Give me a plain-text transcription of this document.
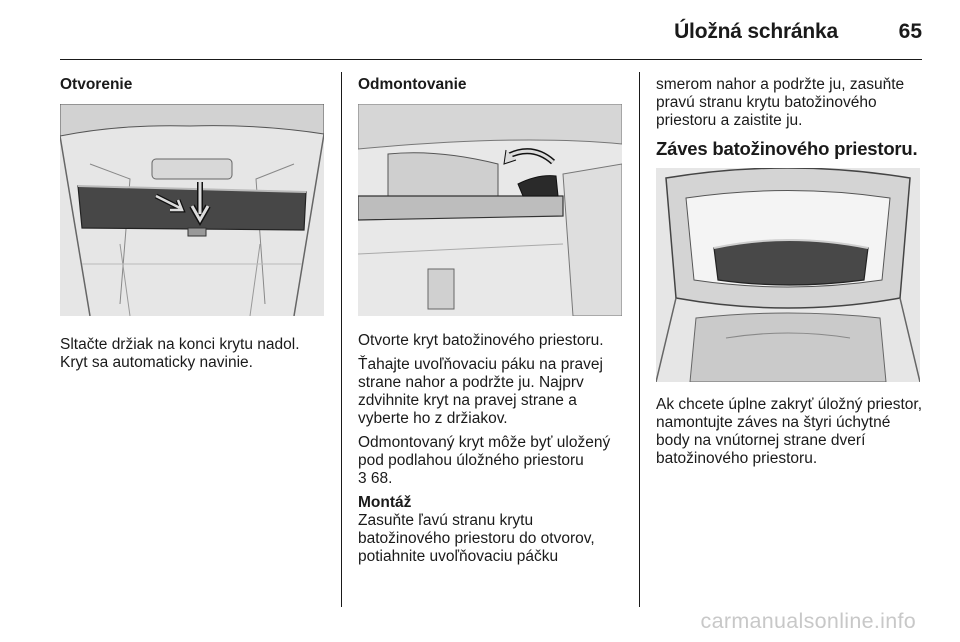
Úložná schránka	65
Otvorenie
Sltačte držiak na konci krytu nadol. Kryt sa automaticky navinie.
Odmontovanie
Otvorte kryt batožinového priestoru.
Ťahajte uvoľňovaciu páku na pravej strane nahor a podržte ju. Najprv zdvihnite kryt na pravej strane a vyberte ho z držiakov.
Odmontovaný kryt môže byť uložený pod podlahou úložného priestoru
3 68.
Montáž
Zasuňte ľavú stranu krytu batožinového priestoru do otvorov, potiahnite uvoľňovaciu páčku
smerom nahor a podržte ju, zasuňte pravú stranu krytu batožinového priestoru a zaistite ju.
Záves batožinového priestoru.
Ak chcete úplne zakryť úložný priestor, namontujte záves na štyri úchytné body na vnútornej strane dverí batožinového priestoru.
carmanualsonline.info
